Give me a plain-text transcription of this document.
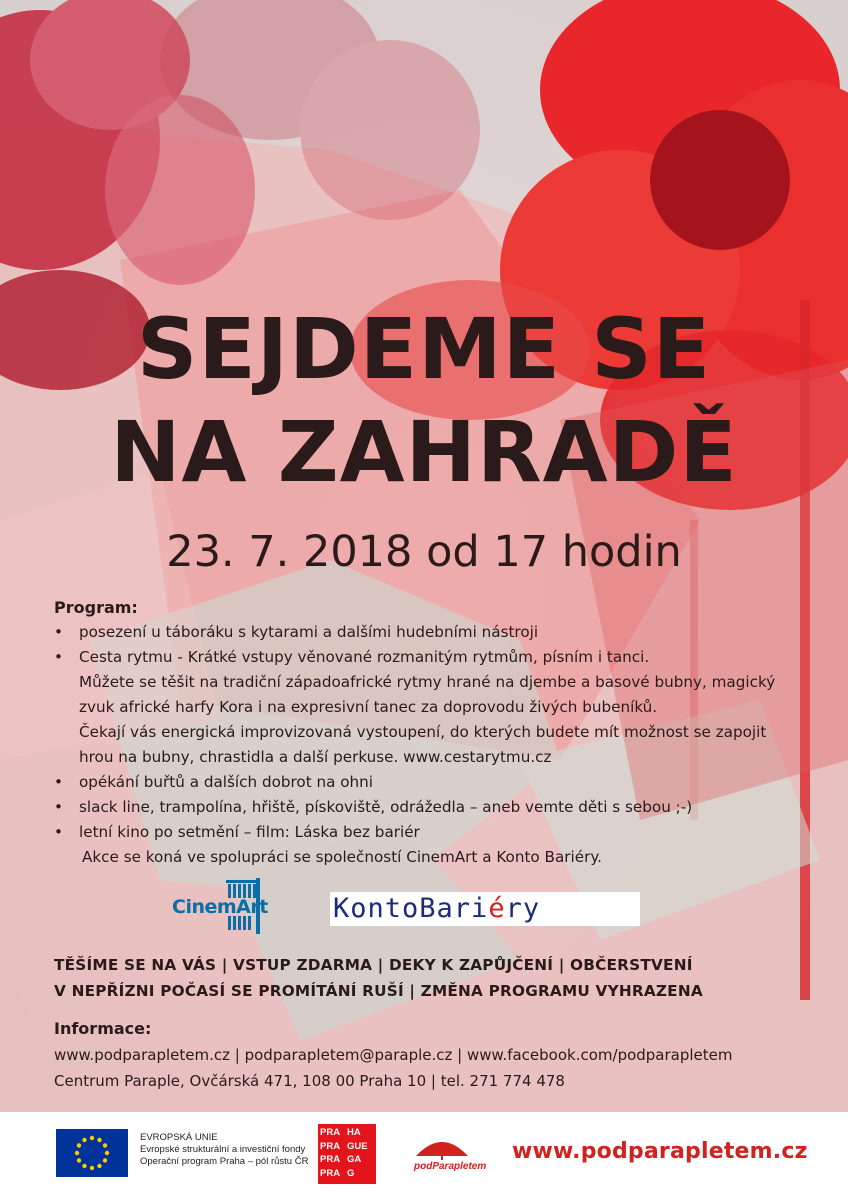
SEJDEME SE
NA ZAHRADĚ
23. 7. 2018 od 17 hodin
Program:
• posezení u táboráku s kytarami a dalšími hudebními nástroji
• Cesta rytmu - Krátké vstupy věnované rozmanitým rytmům, písním i tanci.
Můžete se těšit na tradiční západoafrické rytmy hrané na djembe a basové bubny, magický
zvuk africké harfy Kora i na expresivní tanec za doprovodu živých bubeníků.
Čekají vás energická improvizovaná vystoupení, do kterých budete mít možnost se zapojit
hrou na bubny, chrastidla a další perkuse. www.cestarytmu.cz
• opékání buřtů a dalších dobrot na ohni
• slack line, trampolína, hřiště, pískoviště, odrážedla – aneb vemte děti s sebou ;-)
• letní kino po setmění – film: Láska bez bariér
Akce se koná ve spolupráci se společností CinemArt a Konto Bariéry.
CinemArt KontoBariéry
TĚŠÍME SE NA VÁS | VSTUP ZDARMA | DEKY K ZAPŮJČENÍ | OBČERSTVENÍ
V NEPŘÍZNI POČASÍ SE PROMÍTÁNÍ RUŠÍ | ZMĚNA PROGRAMU VYHRAZENA
Informace:
www.podparapletem.cz | podparapletem@paraple.cz | www.facebook.com/podparapletem
Centrum Paraple, Ovčárská 471, 108 00 Praha 10 | tel. 271 774 478
EVROPSKÁ UNIE
Evropské strukturální a investiční fondy
Operační program Praha – pól růstu ČR
PRA HA
PRA GUE
PRA GA
PRA G
podParapletem
www.podparapletem.cz
